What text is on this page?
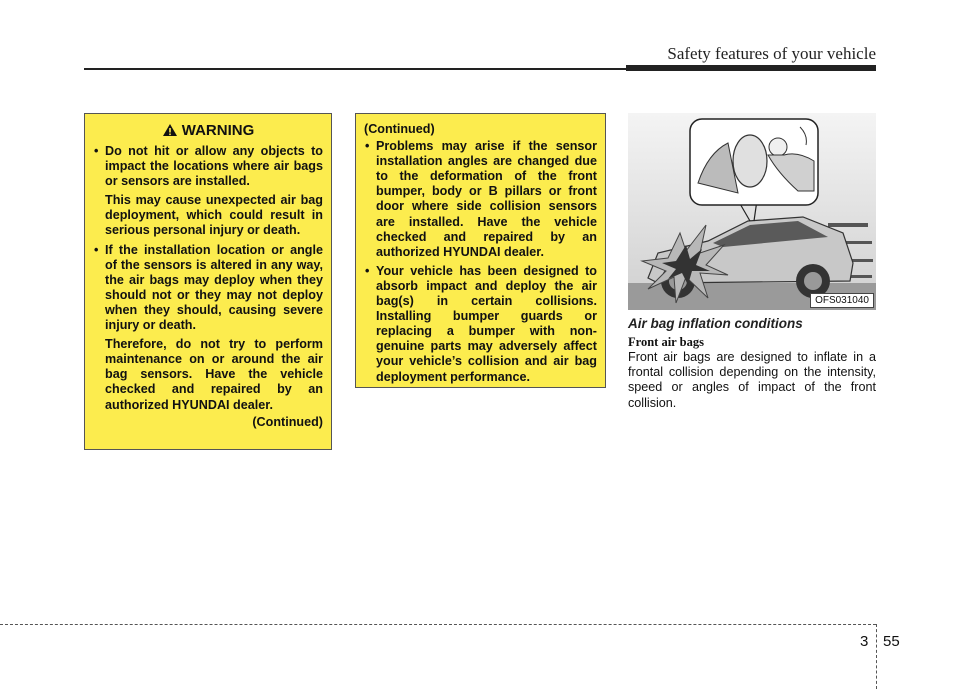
Safety features of your vehicle
WARNING
• Do not hit or allow any objects to impact the locations where air bags or sensors are installed.
This may cause unexpected air bag deployment, which could result in serious personal injury or death.
• If the installation location or angle of the sensors is altered in any way, the air bags may deploy when they should not or they may not deploy when they should, causing severe injury or death.
Therefore, do not try to perform maintenance on or around the air bag sensors. Have the vehicle checked and repaired by an authorized HYUNDAI dealer.
(Continued)
(Continued)
• Problems may arise if the sensor installation angles are changed due to the deformation of the front bumper, body or B pillars or front door where side collision sensors are installed. Have the vehicle checked and repaired by an authorized HYUNDAI dealer.
• Your vehicle has been designed to absorb impact and deploy the air bag(s) in certain collisions. Installing bumper guards or replacing a bumper with non-genuine parts may adversely affect your vehicle’s collision and air bag deployment performance.
OFS031040
Air bag inflation conditions
Front air bags
Front air bags are designed to inflate in a frontal collision depending on the intensity, speed or angles of impact of the front collision.
3 55
